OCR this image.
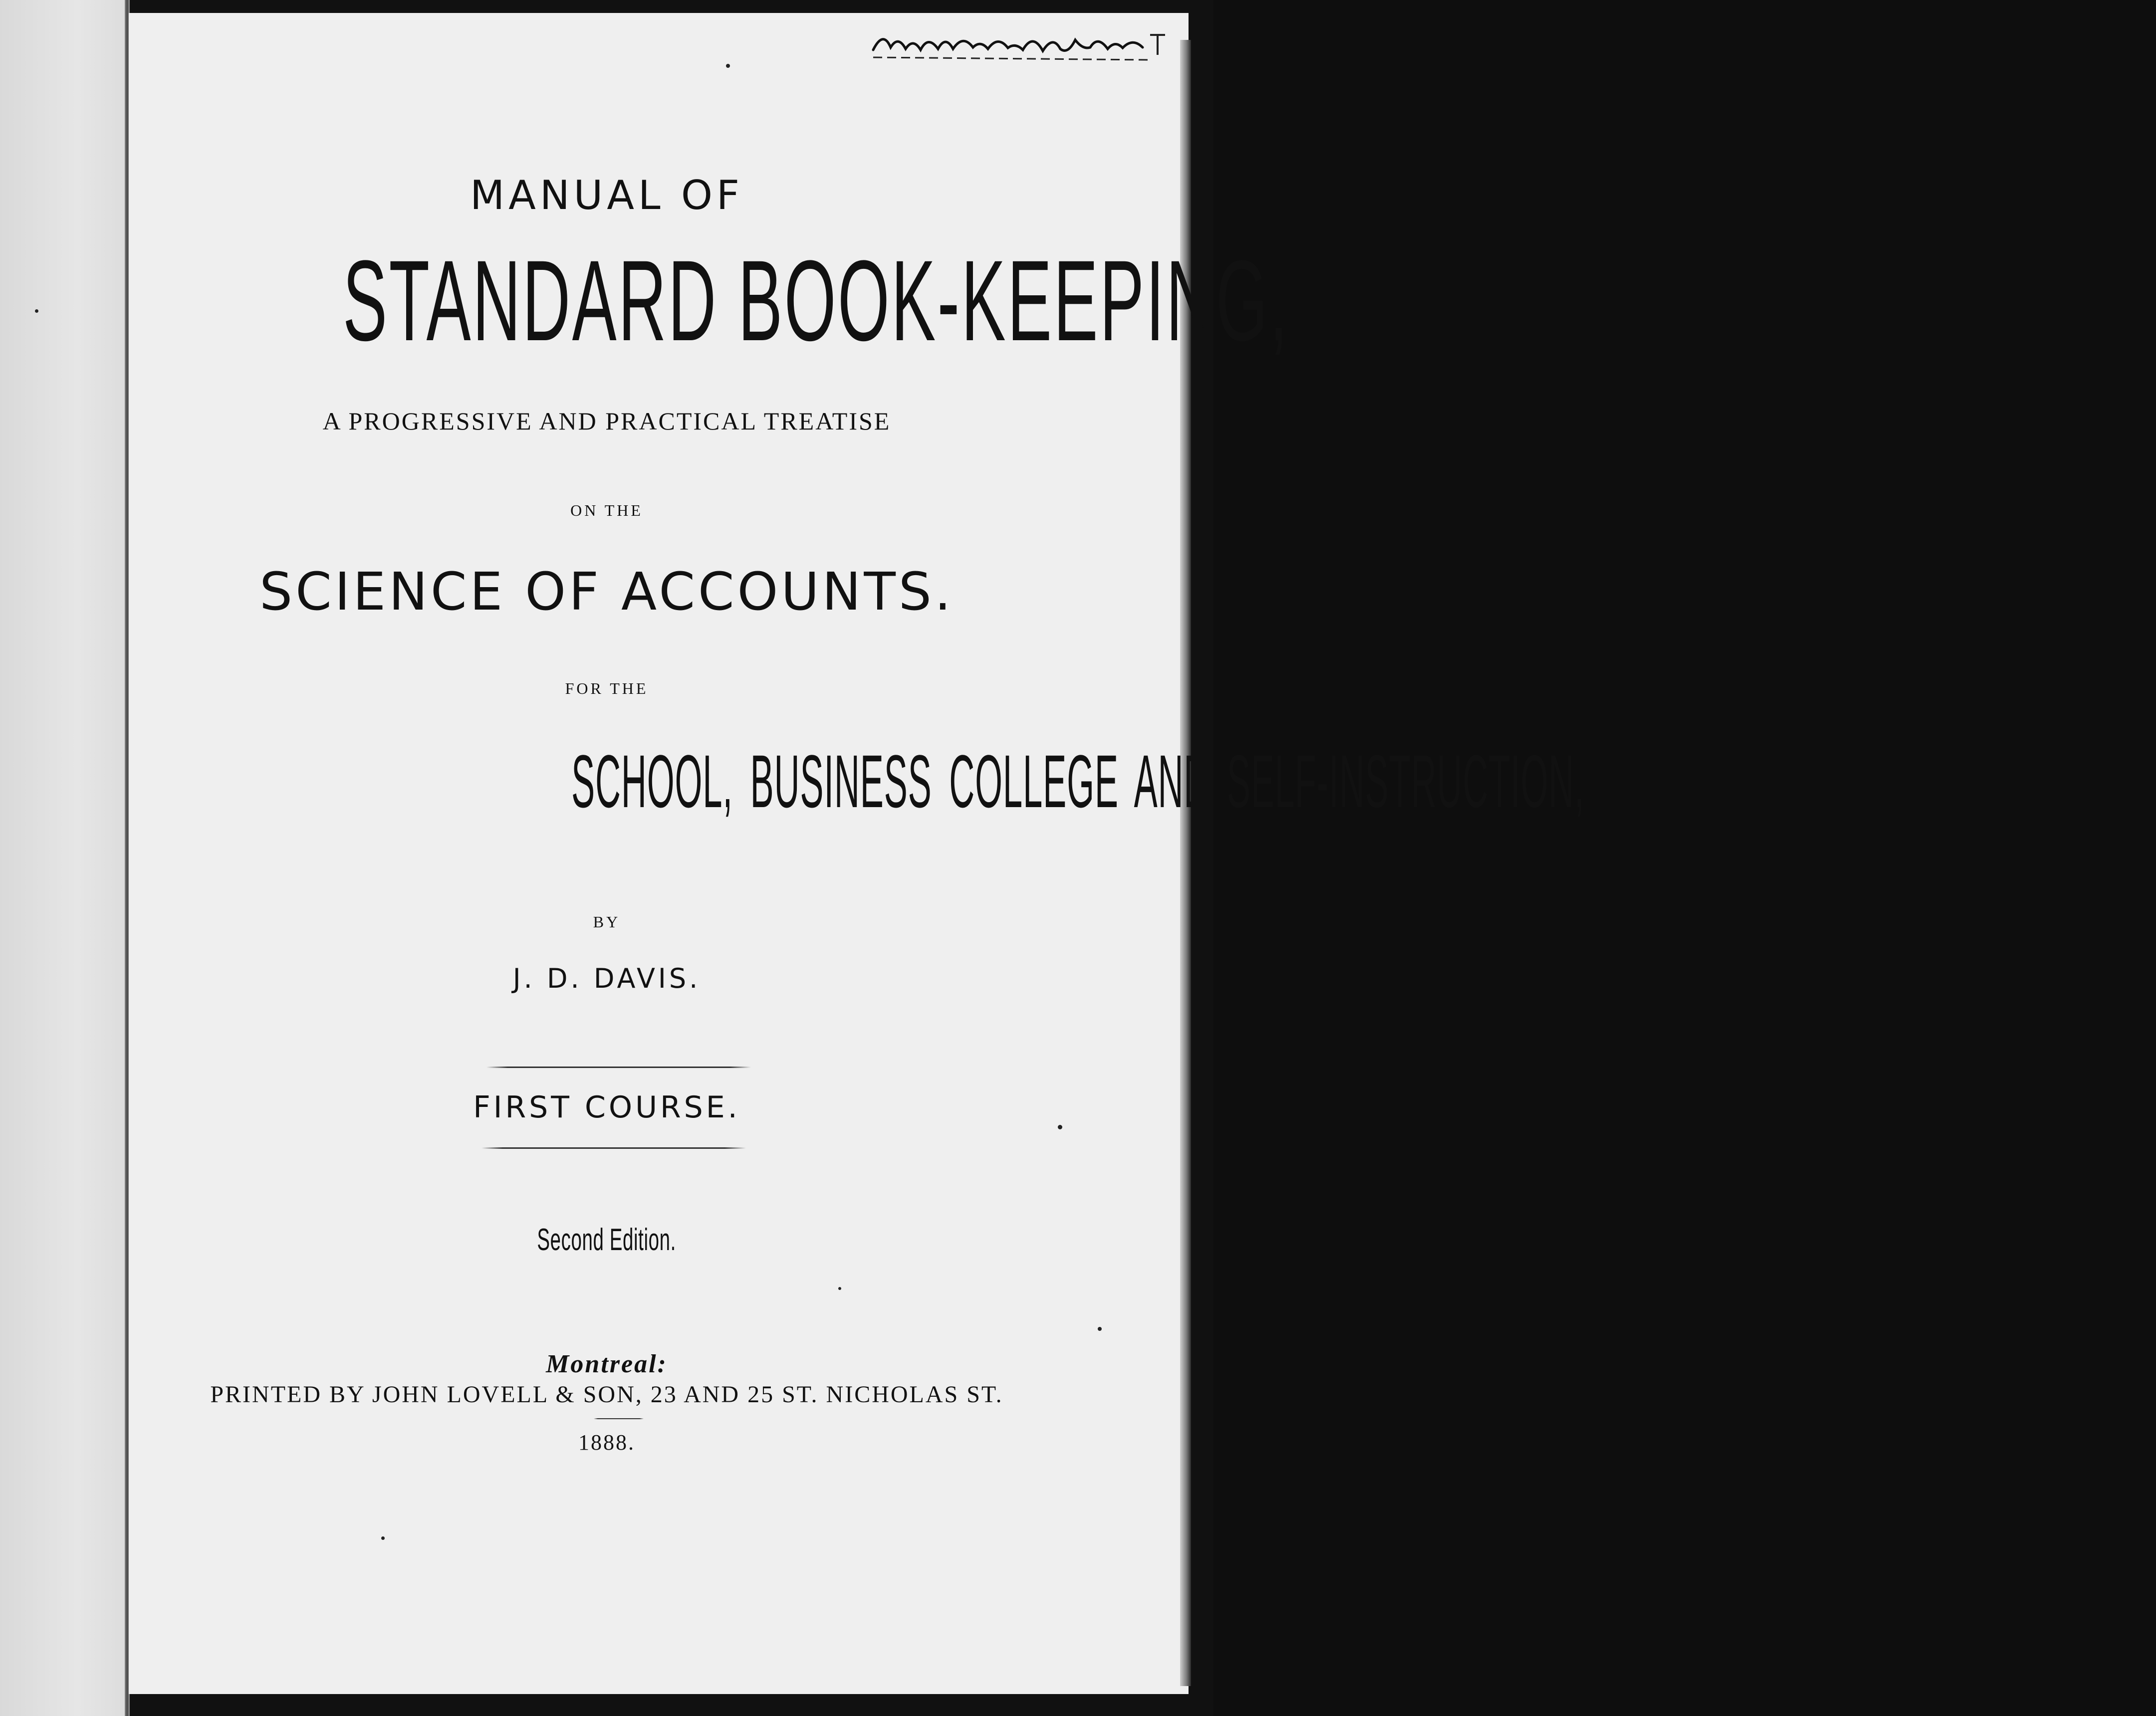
MANUAL OF
STANDARD BOOK-KEEPING,
A PROGRESSIVE AND PRACTICAL TREATISE
ON THE
SCIENCE OF ACCOUNTS.
FOR THE
SCHOOL, BUSINESS COLLEGE AND SELF-INSTRUCTION,
BY
J. D. DAVIS.
FIRST COURSE.
Second Edition.
Montreal:
PRINTED BY JOHN LOVELL & SON, 23 AND 25 ST. NICHOLAS ST.
1888.
